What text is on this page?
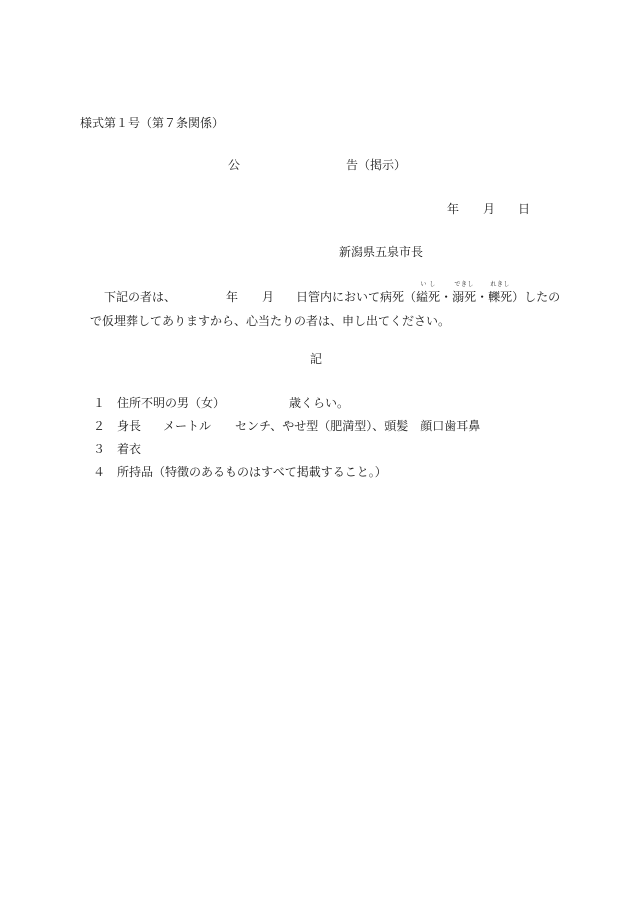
様式第１号（第７条関係）
公	告（掲示）
年 月 日
新潟県五泉市長
下記の者は、	年 月 日管内において病死（
い し
縊死・
できし
溺死・
れきし
轢死）したの
で仮埋葬してありますから、心当たりの者は、申し出てください。
記
１ 住所不明の男（女）	歳くらい。
２ 身長 メートル センチ、やせ型（肥満型）、頭髪　顔口歯耳鼻
３ 着衣
４ 所持品（特徴のあるものはすべて掲載すること。）
